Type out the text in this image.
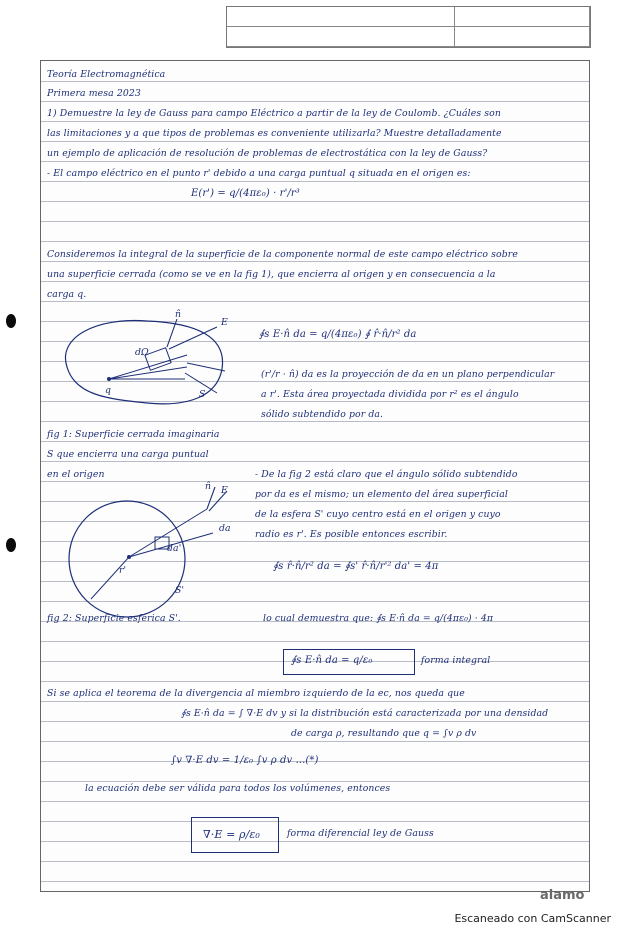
Teoría Electromagnética
Primera mesa 2023
1) Demuestre la ley de Gauss para campo Eléctrico a partir de la ley de Coulomb. ¿Cuáles son
las limitaciones y a que tipos de problemas es conveniente utilizarla? Muestre detalladamente
un ejemplo de aplicación de resolución de problemas de electrostática con la ley de Gauss?
- El campo eléctrico en el punto r' debido a una carga puntual q situada en el origen es:
E(r') = q/(4πε₀) · r'/r³
Consideremos la integral de la superficie de la componente normal de este campo eléctrico sobre
una superficie cerrada (como se ve en la fig 1), que encierra al origen y en consecuencia a la
carga q.
∮s E·n̂ da = q/(4πε₀) ∮ r̂·n̂/r² da
(r'/r · n̂) da es la proyección de da en un plano perpendicular
a r'. Esta área proyectada dividida por r² es el ángulo
sólido subtendido por da.
fig 1: Superficie cerrada imaginaria
S que encierra una carga puntual
en el origen	- De la fig 2 está claro que el ángulo sólido subtendido
por da es el mismo; un elemento del área superficial
de la esfera S' cuyo centro está en el origen y cuyo
radio es r'. Es posible entonces escribir.
∮s r̂·n̂/r² da = ∮s' r̂·n̂/r'² da' = 4π
fig 2: Superficie esférica S'.	lo cual demuestra que: ∮s E·n̂ da = q/(4πε₀) · 4π
∮s E·n̂ da = q/ε₀	forma integral
Si se aplica el teorema de la divergencia al miembro izquierdo de la ec, nos queda que
∮s E·n̂ da = ∫ ∇·E dv y si la distribución está caracterizada por una densidad
de carga ρ, resultando que q = ∫v ρ dv
∫v ∇·E dv = 1/ε₀ ∫v ρ dv ...(*)
la ecuación debe ser válida para todos los volúmenes, entonces
∇·E = ρ/ε₀	forma diferencial ley de Gauss
n̂
E
dΩ
q	S
n̂ E
da
da'
r'
S'
alamo
Escaneado con CamScanner
